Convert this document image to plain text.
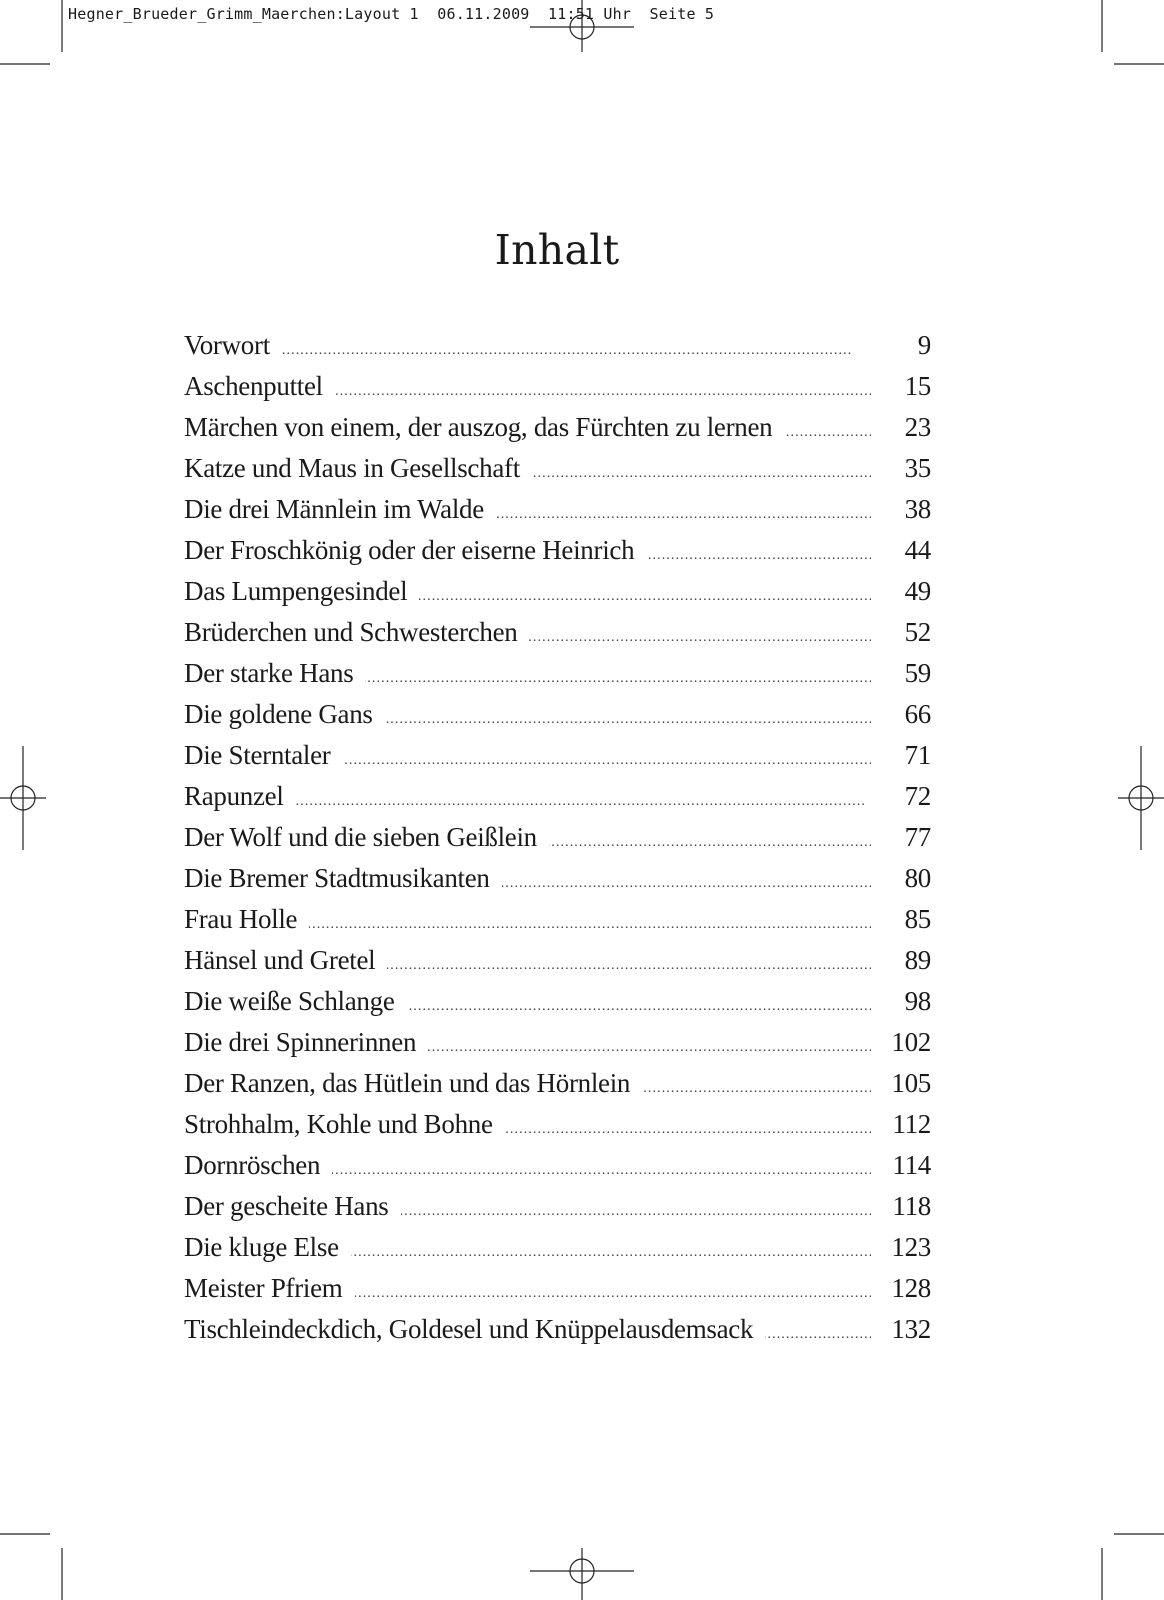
Hegner_Brueder_Grimm_Maerchen:Layout 1  06.11.2009  11:51 Uhr  Seite 5
Inhalt
Vorwort . . .	9
Aschenputtel . . .	15
Märchen von einem, der auszog, das Fürchten zu lernen . . .	23
Katze und Maus in Gesellschaft . . .	35
Die drei Männlein im Walde . . .	38
Der Froschkönig oder der eiserne Heinrich . . .	44
Das Lumpengesindel . . .	49
Brüderchen und Schwesterchen . . .	52
Der starke Hans . . .	59
Die goldene Gans . . .	66
Die Sterntaler . . .	71
Rapunzel . . .	72
Der Wolf und die sieben Geißlein . . .	77
Die Bremer Stadtmusikanten . . .	80
Frau Holle . . .	85
Hänsel und Gretel . . .	89
Die weiße Schlange . . .	98
Die drei Spinnerinnen . . .	102
Der Ranzen, das Hütlein und das Hörnlein . . .	105
Strohhalm, Kohle und Bohne . . .	112
Dornröschen . . .	114
Der gescheite Hans . . .	118
Die kluge Else . . .	123
Meister Pfriem . . .	128
Tischleindeckdich, Goldesel und Knüppelausdemsack . . .	132
